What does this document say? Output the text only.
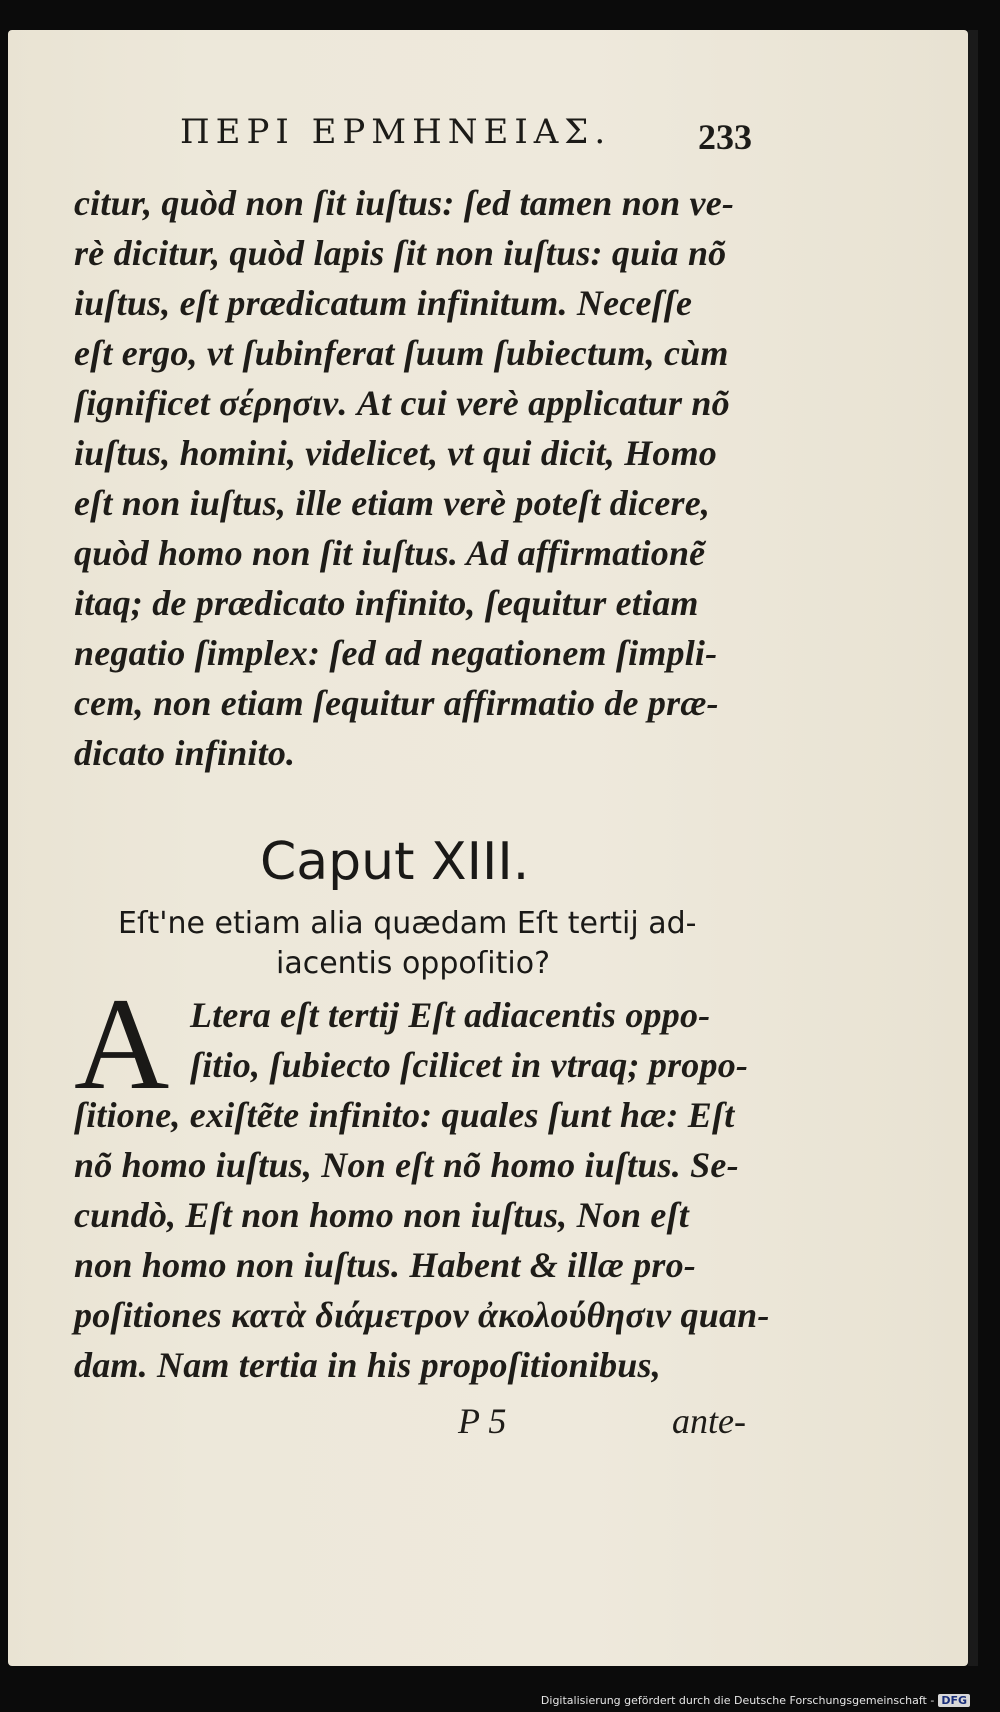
ΠΕΡΙ ΕΡΜΗΝΕΙΑΣ.	233
citur, quòd non ſit iuſtus: ſed tamen non ve-
rè dicitur, quòd lapis ſit non iuſtus: quia nõ
iuſtus, eſt prædicatum infinitum. Neceſſe
eſt ergo, vt ſubinferat ſuum ſubiectum, cùm
ſignificet σέρησιν. At cui verè applicatur nõ
iuſtus, homini, videlicet, vt qui dicit, Homo
eſt non iuſtus, ille etiam verè poteſt dicere,
quòd homo non ſit iuſtus. Ad affirmationẽ
itaq; de prædicato infinito, ſequitur etiam
negatio ſimplex: ſed ad negationem ſimpli-
cem, non etiam ſequitur affirmatio de præ-
dicato infinito.
Caput XIII.
Eſt'ne etiam alia quædam Eſt tertij ad-
iacentis oppoſitio?
A Ltera eſt tertij Eſt adiacentis oppo-
ſitio, ſubiecto ſcilicet in vtraq; propo-
ſitione, exiſtẽte infinito: quales ſunt hæ: Eſt
nõ homo iuſtus, Non eſt nõ homo iuſtus. Se-
cundò, Eſt non homo non iuſtus, Non eſt
non homo non iuſtus. Habent & illæ pro-
poſitiones κατὰ διάμετρον ἀκολούθησιν quan-
dam. Nam tertia in his propoſitionibus,
P 5	ante-
Digitalisierung gefördert durch die Deutsche Forschungsgemeinschaft - DFG
